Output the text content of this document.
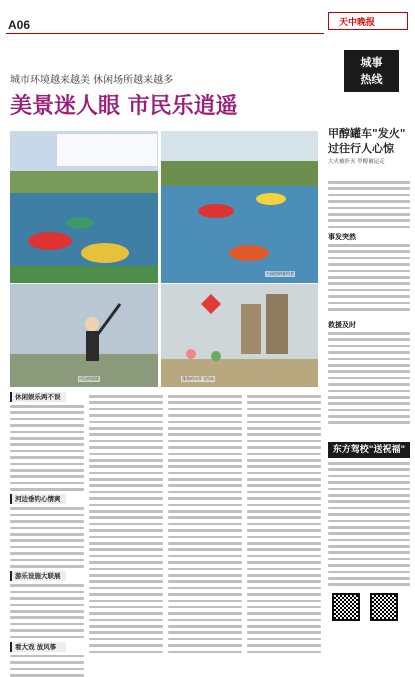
A06	天中晚报
城事
热线
城市环境越来越美 休闲场所越来越多
美景迷人眼 市民乐逍遥
公园里的垂钓者
河边的晨练	蓬勃的风筝飞得高
休闲娱乐两不误
河边垂钓心情爽
游乐设施大联展
看大戏 放风筝
甲醇罐车"发火"
过往行人心惊
大火被扑灭 甲醇被运走
事发突然
救援及时
东方驾校"送祝福"
